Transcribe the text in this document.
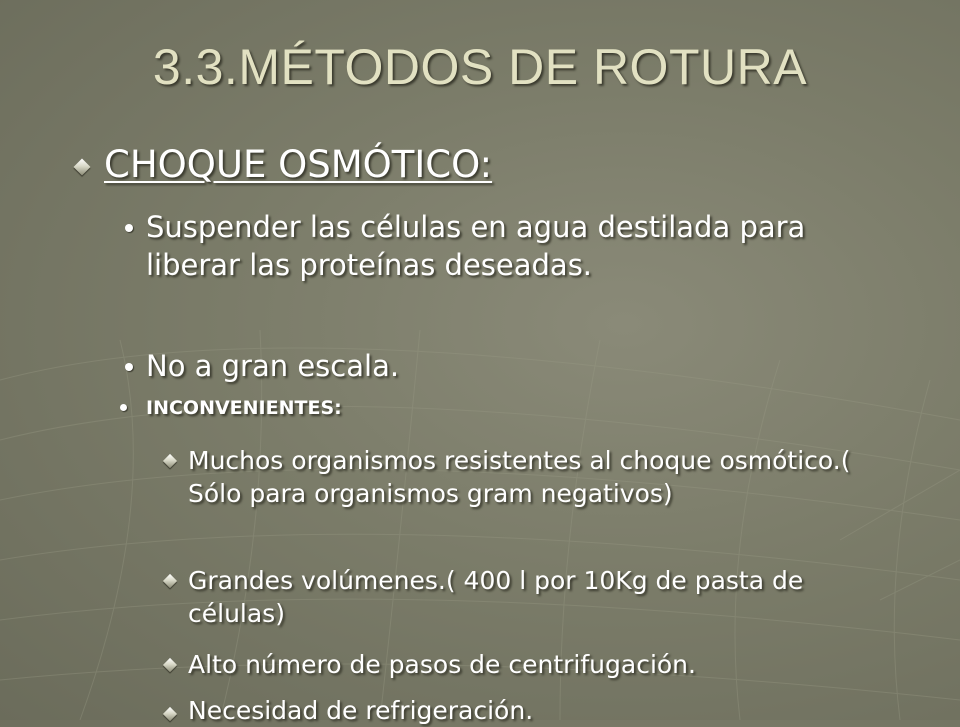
3.3.MÉTODOS DE ROTURA
CHOQUE OSMÓTICO:
Suspender las células en agua destilada para liberar las proteínas deseadas.
No a gran escala.
INCONVENIENTES:
Muchos organismos resistentes al choque osmótico.( Sólo para organismos gram negativos)
Grandes volúmenes.( 400 l por 10Kg de pasta de células)
Alto número de pasos de centrifugación.
Necesidad de refrigeración.
